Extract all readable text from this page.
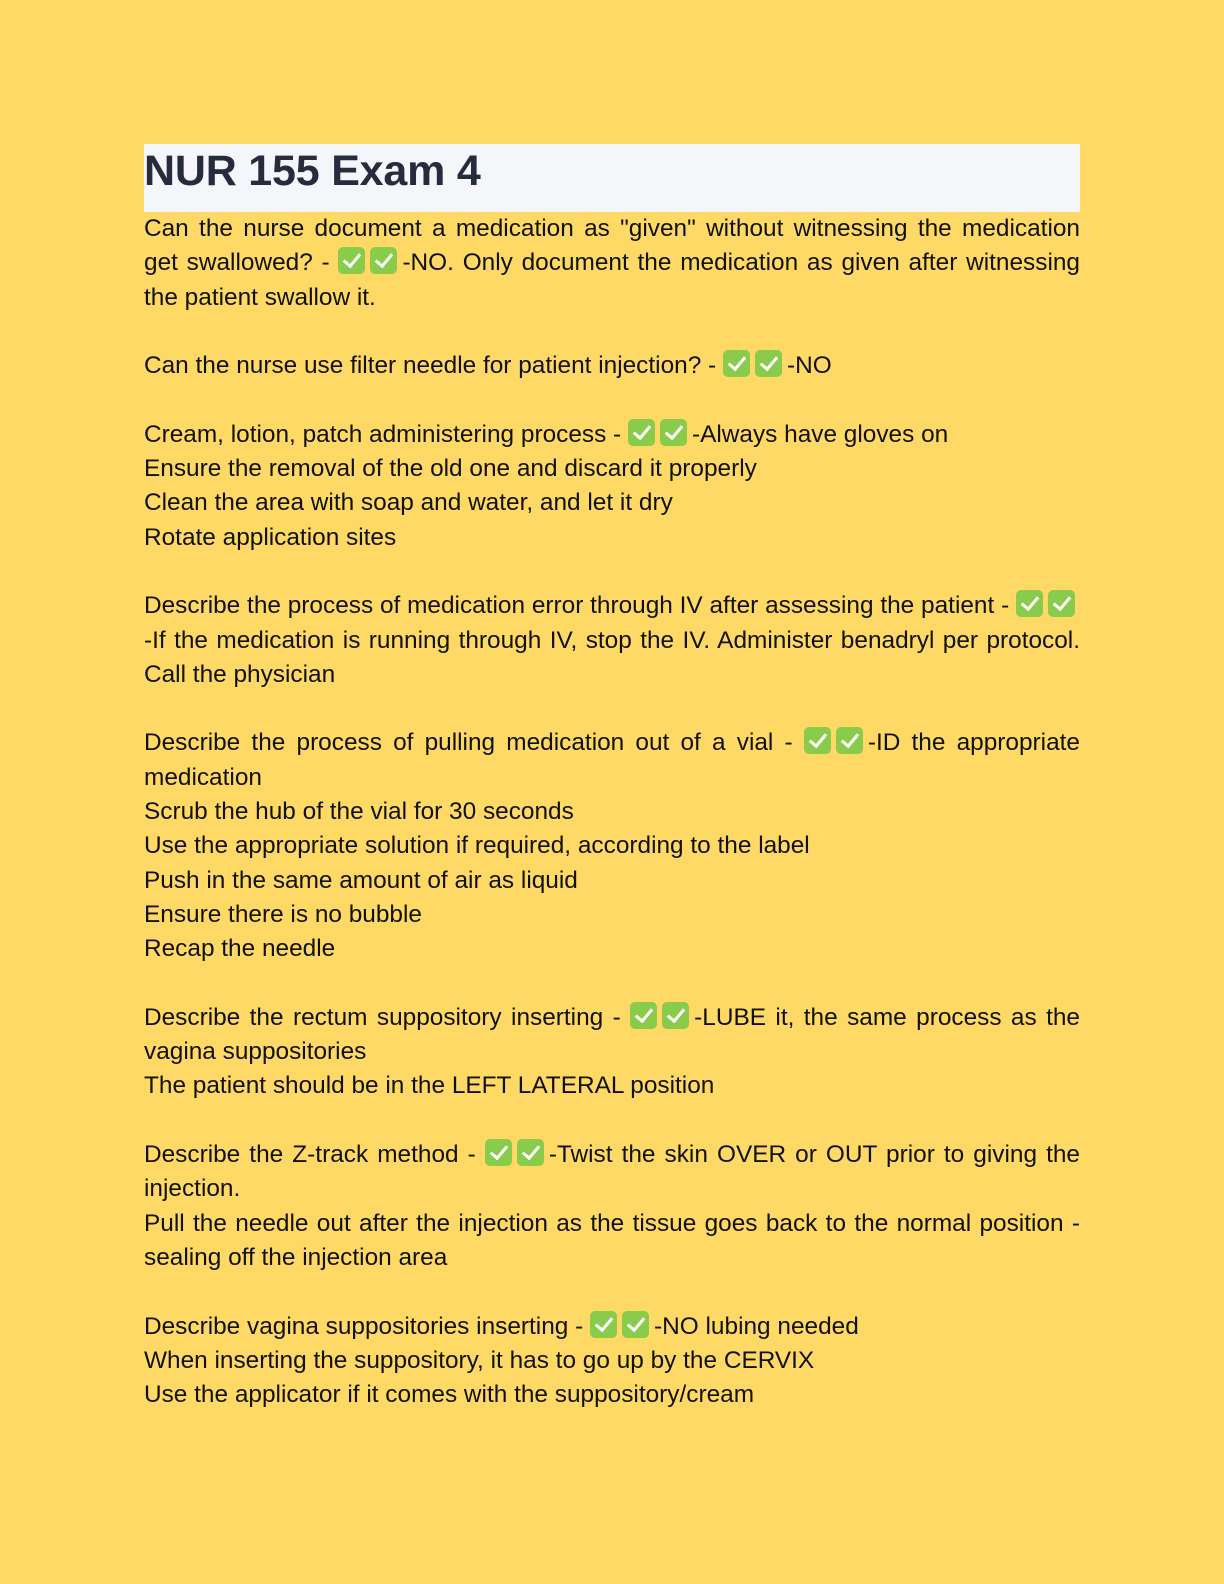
NUR 155 Exam 4
Can the nurse document a medication as "given" without witnessing the medication get swallowed? -	-NO. Only document the medication as given after witnessing the patient swallow it.
Can the nurse use filter needle for patient injection? -	-NO
Cream, lotion, patch administering process -	-Always have gloves on
Ensure the removal of the old one and discard it properly
Clean the area with soap and water, and let it dry
Rotate application sites
Describe the process of medication error through IV after assessing the patient - -If the medication is running through IV, stop the IV. Administer benadryl per protocol. Call the physician
Describe the process of pulling medication out of a vial -	-ID the appropriate medication
Scrub the hub of the vial for 30 seconds
Use the appropriate solution if required, according to the label
Push in the same amount of air as liquid
Ensure there is no bubble
Recap the needle
Describe the rectum suppository inserting -	-LUBE it, the same process as the vagina suppositories
The patient should be in the LEFT LATERAL position
Describe the Z-track method -	-Twist the skin OVER or OUT prior to giving the injection.
Pull the needle out after the injection as the tissue goes back to the normal position - sealing off the injection area
Describe vagina suppositories inserting -	-NO lubing needed
When inserting the suppository, it has to go up by the CERVIX
Use the applicator if it comes with the suppository/cream
